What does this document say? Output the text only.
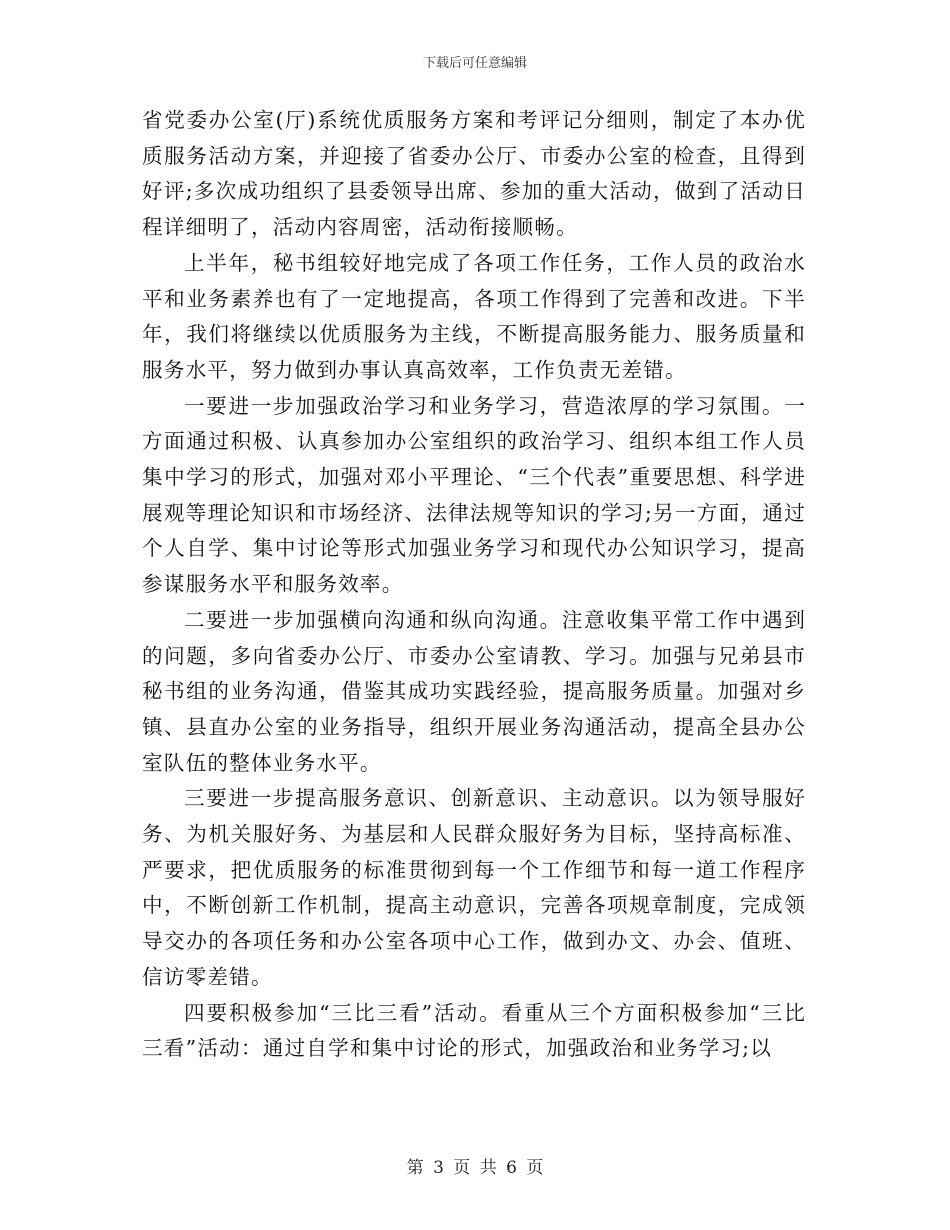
下载后可任意编辑

省党委办公室(厅)系统优质服务方案和考评记分细则，制定了本办优质服务活动方案，并迎接了省委办公厅、市委办公室的检查，且得到好评;多次成功组织了县委领导出席、参加的重大活动，做到了活动日程详细明了，活动内容周密，活动衔接顺畅。

上半年，秘书组较好地完成了各项工作任务，工作人员的政治水平和业务素养也有了一定地提高，各项工作得到了完善和改进。下半年，我们将继续以优质服务为主线，不断提高服务能力、服务质量和服务水平，努力做到办事认真高效率，工作负责无差错。

一要进一步加强政治学习和业务学习，营造浓厚的学习氛围。一方面通过积极、认真参加办公室组织的政治学习、组织本组工作人员集中学习的形式，加强对邓小平理论、“三个代表”重要思想、科学进展观等理论知识和市场经济、法律法规等知识的学习;另一方面，通过个人自学、集中讨论等形式加强业务学习和现代办公知识学习，提高参谋服务水平和服务效率。

二要进一步加强横向沟通和纵向沟通。注意收集平常工作中遇到的问题，多向省委办公厅、市委办公室请教、学习。加强与兄弟县市秘书组的业务沟通，借鉴其成功实践经验，提高服务质量。加强对乡镇、县直办公室的业务指导，组织开展业务沟通活动，提高全县办公室队伍的整体业务水平。

三要进一步提高服务意识、创新意识、主动意识。以为领导服好务、为机关服好务、为基层和人民群众服好务为目标，坚持高标准、严要求，把优质服务的标准贯彻到每一个工作细节和每一道工作程序中，不断创新工作机制，提高主动意识，完善各项规章制度，完成领导交办的各项任务和办公室各项中心工作，做到办文、办会、值班、信访零差错。

四要积极参加“三比三看”活动。看重从三个方面积极参加“三比三看”活动：通过自学和集中讨论的形式，加强政治和业务学习;以

第 3 页 共 6 页
